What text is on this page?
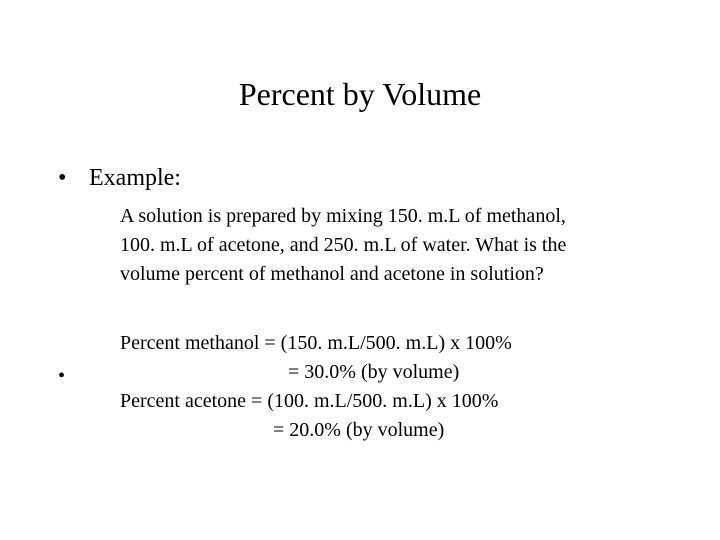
Percent by Volume
• Example:
A solution is prepared by mixing 150. m.L of methanol,
100. m.L of acetone, and 250. m.L of water. What is the
volume percent of methanol and acetone in solution?
•
Percent methanol = (150. m.L/500. m.L) x 100%
= 30.0% (by volume)
Percent acetone = (100. m.L/500. m.L) x 100%
= 20.0% (by volume)
